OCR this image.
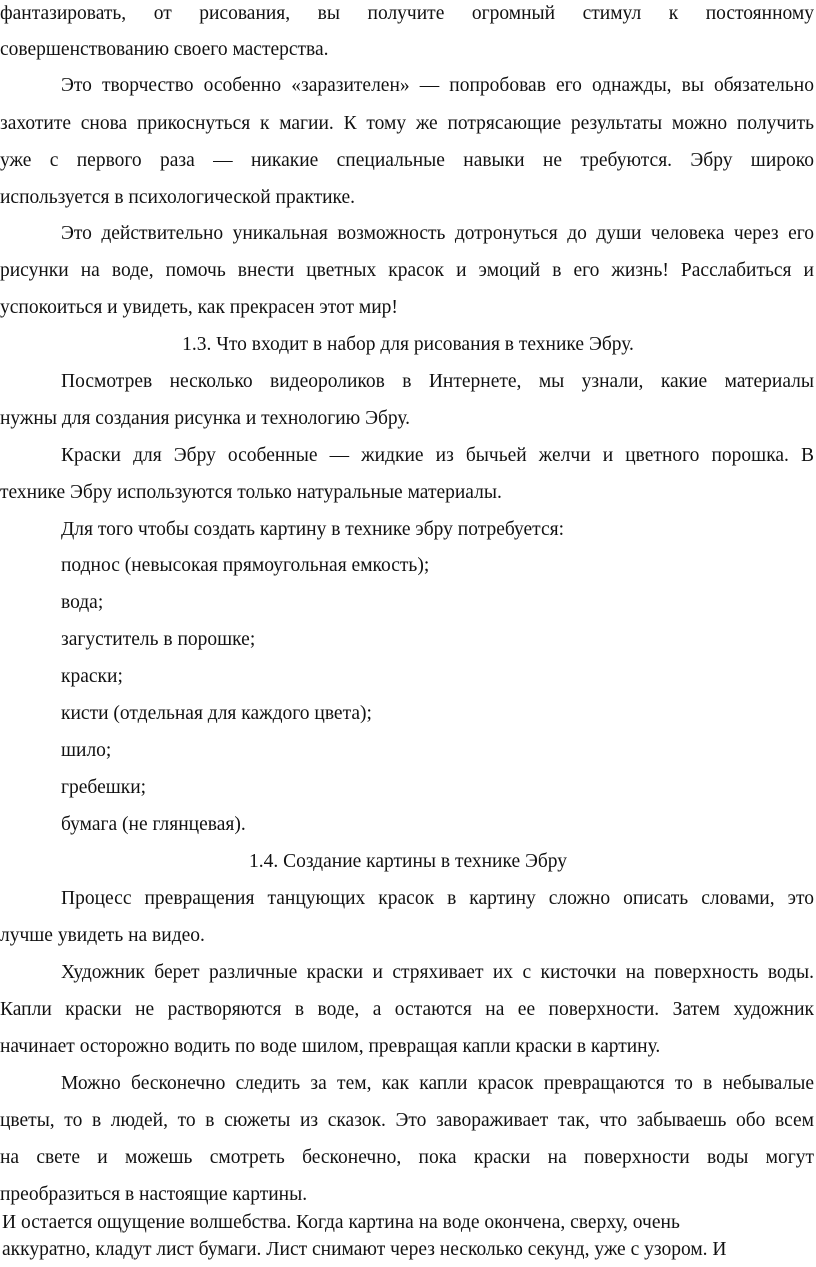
фантазировать, от рисования, вы получите огромный стимул к постоянному
совершенствованию своего мастерства.
Это творчество особенно «заразителен» — попробовав его однажды, вы обязательно
захотите снова прикоснуться к магии. К тому же потрясающие результаты можно получить
уже с первого раза — никакие специальные навыки не требуются. Эбру широко
используется в психологической практике.
Это действительно уникальная возможность дотронуться до души человека через его
рисунки на воде, помочь внести цветных красок и эмоций в его жизнь! Расслабиться и
успокоиться и увидеть, как прекрасен этот мир!
1.3. Что входит в набор для рисования в технике Эбру.
Посмотрев несколько видеороликов в Интернете, мы узнали, какие материалы
нужны для создания рисунка и технологию Эбру.
Краски для Эбру особенные — жидкие из бычьей желчи и цветного порошка. В
технике Эбру используются только натуральные материалы.
Для того чтобы создать картину в технике эбру потребуется:
поднос (невысокая прямоугольная емкость);
вода;
загуститель в порошке;
краски;
кисти (отдельная для каждого цвета);
шило;
гребешки;
бумага (не глянцевая).
1.4. Создание картины в технике Эбру
Процесс превращения танцующих красок в картину сложно описать словами, это
лучше увидеть на видео.
Художник берет различные краски и стряхивает их с кисточки на поверхность воды.
Капли краски не растворяются в воде, а остаются на ее поверхности. Затем художник
начинает осторожно водить по воде шилом, превращая капли краски в картину.
Можно бесконечно следить за тем, как капли красок превращаются то в небывалые
цветы, то в людей, то в сюжеты из сказок. Это завораживает так, что забываешь обо всем
на свете и можешь смотреть бесконечно, пока краски на поверхности воды могут
преобразиться в настоящие картины.
И остается ощущение волшебства. Когда картина на воде окончена, сверху, очень
аккуратно, кладут лист бумаги. Лист снимают через несколько секунд, уже с узором. И
